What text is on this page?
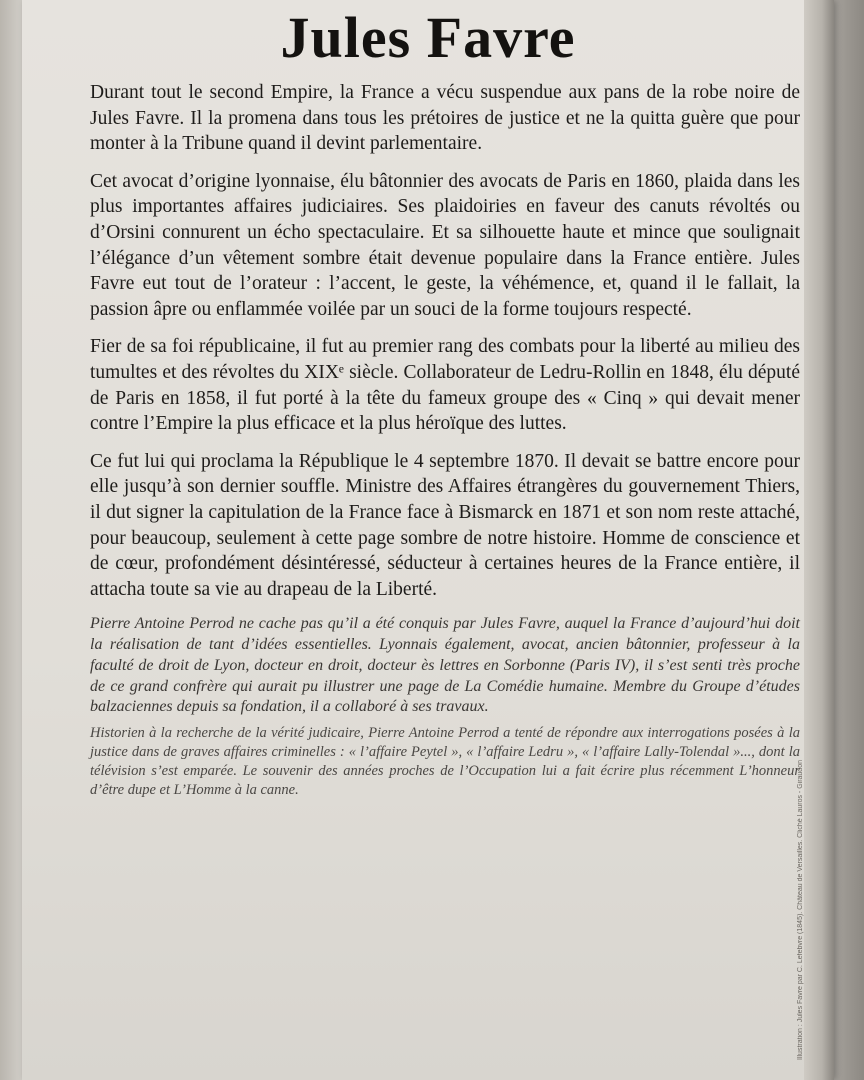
Jules Favre

Durant tout le second Empire, la France a vécu suspendue aux pans de la robe noire de Jules Favre. Il la promena dans tous les prétoires de justice et ne la quitta guère que pour monter à la Tribune quand il devint parlementaire.

Cet avocat d’origine lyonnaise, élu bâtonnier des avocats de Paris en 1860, plaida dans les plus importantes affaires judiciaires. Ses plaidoiries en faveur des canuts révoltés ou d’Orsini connurent un écho spectaculaire. Et sa silhouette haute et mince que soulignait l’élégance d’un vêtement sombre était devenue populaire dans la France entière. Jules Favre eut tout de l’orateur : l’accent, le geste, la véhémence, et, quand il le fallait, la passion âpre ou enflammée voilée par un souci de la forme toujours respecté.

Fier de sa foi républicaine, il fut au premier rang des combats pour la liberté au milieu des tumultes et des révoltes du XIXᵉ siècle. Collaborateur de Ledru-Rollin en 1848, élu député de Paris en 1858, il fut porté à la tête du fameux groupe des « Cinq » qui devait mener contre l’Empire la plus efficace et la plus héroïque des luttes.

Ce fut lui qui proclama la République le 4 septembre 1870. Il devait se battre encore pour elle jusqu’à son dernier souffle. Ministre des Affaires étrangères du gouvernement Thiers, il dut signer la capitulation de la France face à Bismarck en 1871 et son nom reste attaché, pour beaucoup, seulement à cette page sombre de notre histoire. Homme de conscience et de cœur, profondément désintéressé, séducteur à certaines heures de la France entière, il attacha toute sa vie au drapeau de la Liberté.

Pierre Antoine Perrod ne cache pas qu’il a été conquis par Jules Favre, auquel la France d’aujourd’hui doit la réalisation de tant d’idées essentielles. Lyonnais également, avocat, ancien bâtonnier, professeur à la faculté de droit de Lyon, docteur en droit, docteur ès lettres en Sorbonne (Paris IV), il s’est senti très proche de ce grand confrère qui aurait pu illustrer une page de La Comédie humaine. Membre du Groupe d’études balzaciennes depuis sa fondation, il a collaboré à ses travaux.

Historien à la recherche de la vérité judicaire, Pierre Antoine Perrod a tenté de répondre aux interrogations posées à la justice dans de graves affaires criminelles : « l’affaire Peytel », « l’affaire Ledru », « l’affaire Lally-Tolendal »..., dont la télévision s’est emparée. Le souvenir des années proches de l’Occupation lui a fait écrire plus récemment L’honneur d’être dupe et L’Homme à la canne.	Illustration : Jules Favre par C. Lefebvre (1845). Château de Versailles. Cliché Lauros - Giraudon
